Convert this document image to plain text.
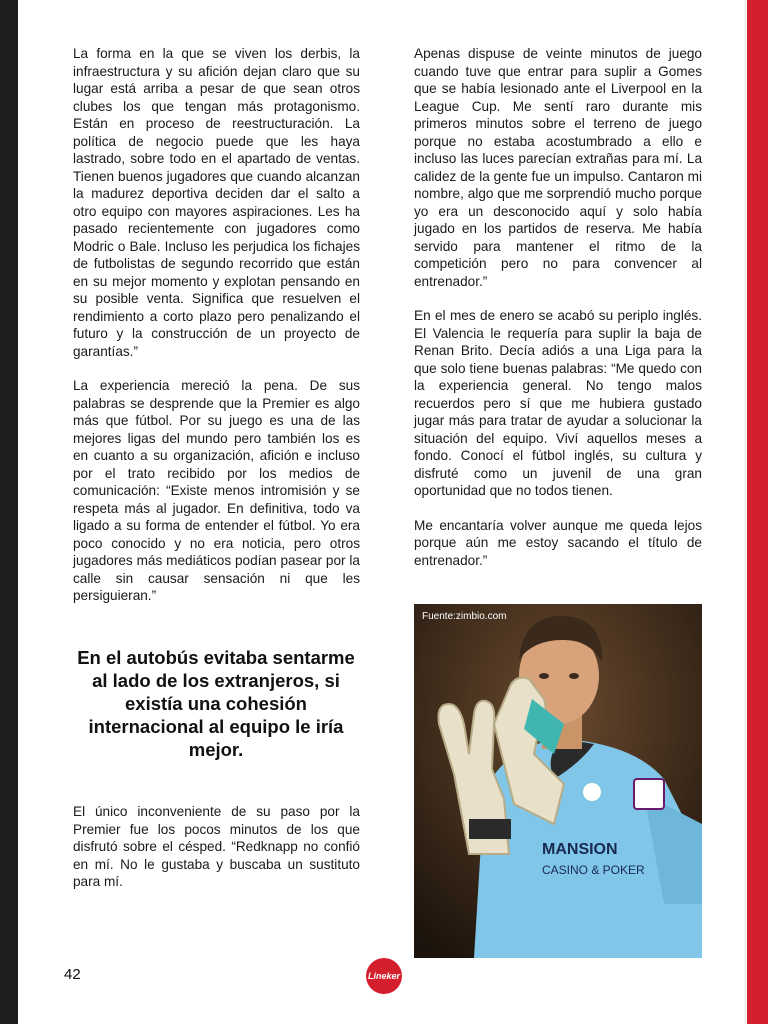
La forma en la que se viven los derbis, la infraestructura y su afición dejan claro que su lugar está arriba a pesar de que sean otros clubes los que tengan más protagonismo. Están en proceso de reestructuración. La política de negocio puede que les haya lastrado, sobre todo en el apartado de ventas. Tienen buenos jugadores que cuando alcanzan la madurez deportiva deciden dar el salto a otro equipo con mayores aspiraciones. Les ha pasado recientemente con jugadores como Modric o Bale. Incluso les perjudica los fichajes de futbolistas de segundo recorrido que están en su mejor momento y explotan pensando en su posible venta. Significa que resuelven el rendimiento a corto plazo pero penalizando el futuro y la construcción de un proyecto de garantías.”

La experiencia mereció la pena. De sus palabras se desprende que la Premier es algo más que fútbol. Por su juego es una de las mejores ligas del mundo pero también los es en cuanto a su organización, afición e incluso por el trato recibido por los medios de comunicación: “Existe menos intromisión y se respeta más al jugador. En definitiva, todo va ligado a su forma de entender el fútbol. Yo era poco conocido y no era noticia, pero otros jugadores más mediáticos podían pasear por la calle sin causar sensación ni que les persiguieran.”

En el autobús evitaba sentarme al lado de los extranjeros, si existía una cohesión internacional al equipo le iría mejor.

El único inconveniente de su paso por la Premier fue los pocos minutos de los que disfrutó sobre el césped. “Redknapp no confió en mí. No le gustaba y buscaba un sustituto para mí.

Apenas dispuse de veinte minutos de juego cuando tuve que entrar para suplir a Gomes que se había lesionado ante el Liverpool en la League Cup. Me sentí raro durante mis primeros minutos sobre el terreno de juego porque no estaba acostumbrado a ello e incluso las luces parecían extrañas para mí. La calidez de la gente fue un impulso. Cantaron mi nombre, algo que me sorprendió mucho porque yo era un desconocido aquí y solo había jugado en los partidos de reserva. Me había servido para mantener el ritmo de la competición pero no para convencer al entrenador.”

En el mes de enero se acabó su periplo inglés. El Valencia le requería para suplir la baja de Renan Brito. Decía adiós a una Liga para la que solo tiene buenas palabras: “Me quedo con la experiencia general. No tengo malos recuerdos pero sí que me hubiera gustado jugar más para tratar de ayudar a solucionar la situación del equipo. Viví aquellos meses a fondo. Conocí el fútbol inglés, su cultura y disfruté como un juvenil de una gran oportunidad que no todos tienen.

Me encantaría volver aunque me queda lejos porque aún me estoy sacando el título de entrenador.”

MANSION
CASINO & POKER
Fuente:zimbio.com
42	Lineker
